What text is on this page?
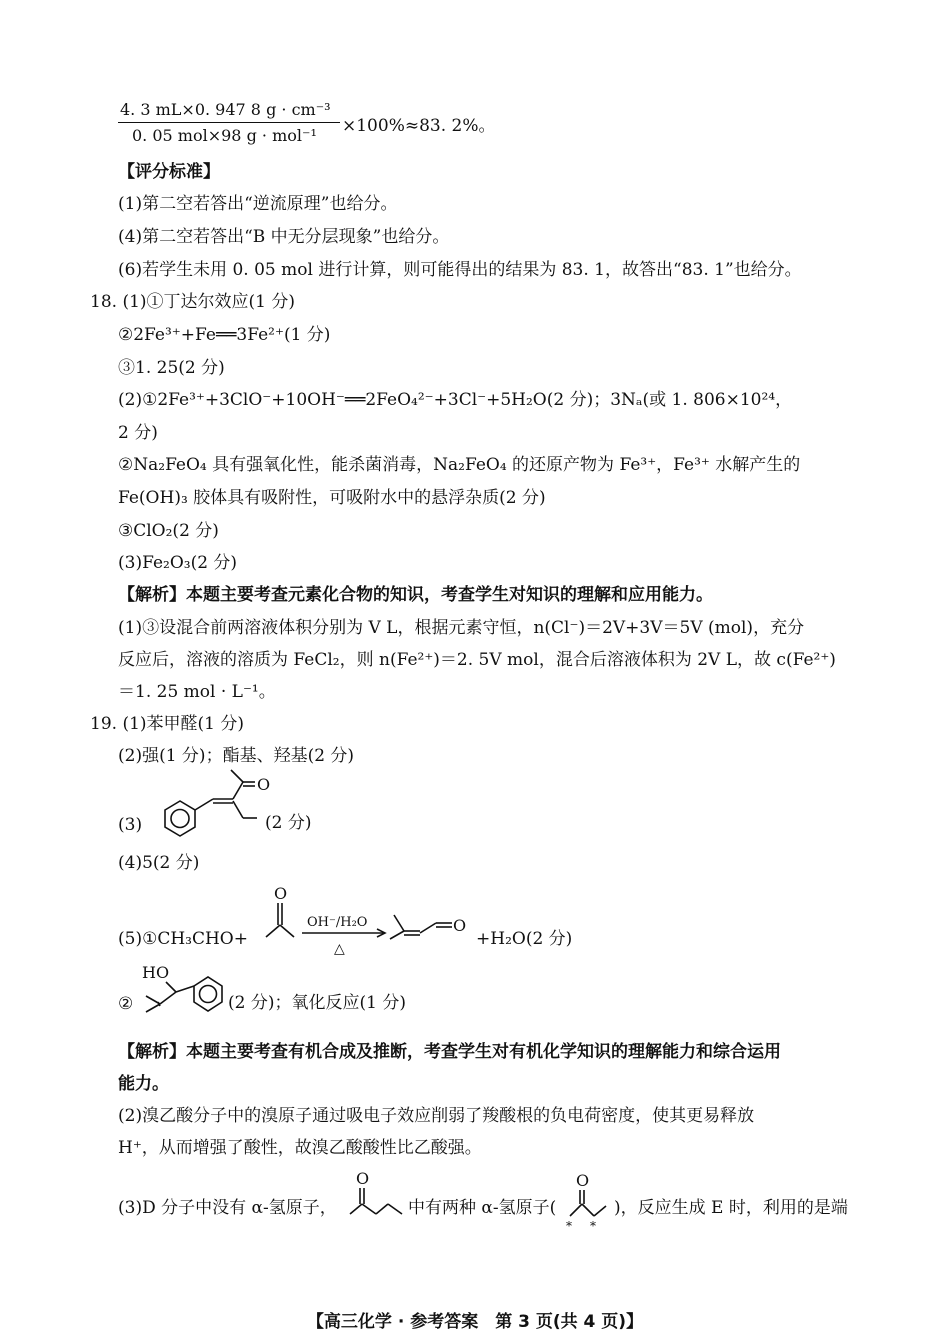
4. 3 mL×0. 947 8 g · cm⁻³
0. 05 mol×98 g · mol⁻¹ ×100%≈83. 2%。
【评分标准】
(1)第二空若答出“逆流原理”也给分。
(4)第二空若答出“B 中无分层现象”也给分。
(6)若学生未用 0. 05 mol 进行计算，则可能得出的结果为 83. 1，故答出“83. 1”也给分。
18. (1)①丁达尔效应(1 分)
②2Fe³⁺+Fe══3Fe²⁺(1 分)
③1. 25(2 分)
(2)①2Fe³⁺+3ClO⁻+10OH⁻══2FeO₄²⁻+3Cl⁻+5H₂O(2 分)；3Nₐ(或 1. 806×10²⁴，
2 分)
②Na₂FeO₄ 具有强氧化性，能杀菌消毒，Na₂FeO₄ 的还原产物为 Fe³⁺，Fe³⁺ 水解产生的
Fe(OH)₃ 胶体具有吸附性，可吸附水中的悬浮杂质(2 分)
③ClO₂(2 分)
(3)Fe₂O₃(2 分)
【解析】本题主要考查元素化合物的知识，考查学生对知识的理解和应用能力。
(1)③设混合前两溶液体积分别为 V L，根据元素守恒，n(Cl⁻)＝2V+3V＝5V (mol)，充分
反应后，溶液的溶质为 FeCl₂，则 n(Fe²⁺)＝2. 5V mol，混合后溶液体积为 2V L，故 c(Fe²⁺)
＝1. 25 mol · L⁻¹。
19. (1)苯甲醛(1 分)
(2)强(1 分)；酯基、羟基(2 分)
(3)
O
(2 分)
(4)5(2 分)
(5)①CH₃CHO+
O
OH⁻/H₂O
△
O
+H₂O(2 分)
②
HO
(2 分)；氧化反应(1 分)
【解析】本题主要考查有机合成及推断，考查学生对有机化学知识的理解能力和综合运用
能力。
(2)溴乙酸分子中的溴原子通过吸电子效应削弱了羧酸根的负电荷密度，使其更易释放
H⁺，从而增强了酸性，故溴乙酸酸性比乙酸强。
(3)D 分子中没有 α-氢原子，
O
中有两种 α-氢原子(
O
* *
)，反应生成 E 时，利用的是端
【高三化学 · 参考答案　第 3 页(共 4 页)】
